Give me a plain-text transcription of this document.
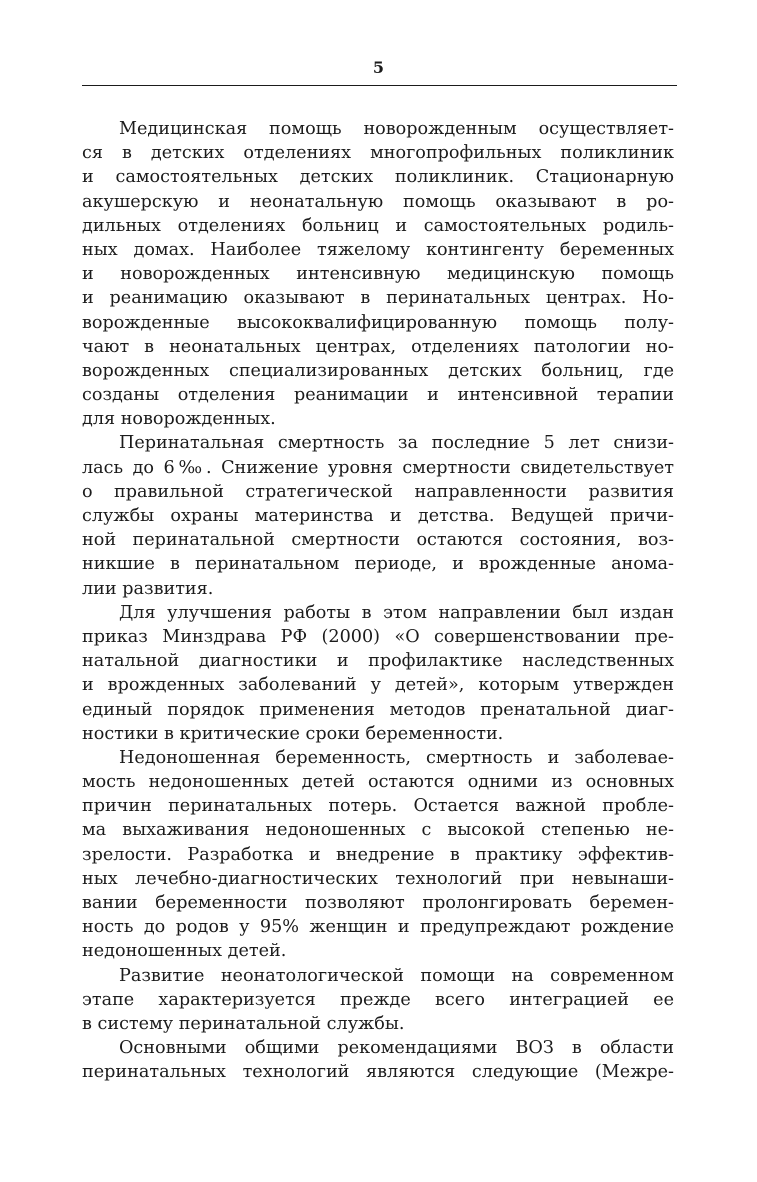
5
Медицинская помощь новорожденным осуществляет-
ся в детских отделениях многопрофильных поликлиник
и самостоятельных детских поликлиник. Стационарную
акушерскую и неонатальную помощь оказывают в ро-
дильных отделениях больниц и самостоятельных родиль-
ных домах. Наиболее тяжелому контингенту беременных
и новорожденных интенсивную медицинскую помощь
и реанимацию оказывают в перинатальных центрах. Но-
ворожденные высококвалифицированную помощь полу-
чают в неонатальных центрах, отделениях патологии но-
ворожденных специализированных детских больниц, где
созданы отделения реанимации и интенсивной терапии
для новорожденных.
Перинатальная смертность за последние 5 лет снизи-
лась до 6‰. Снижение уровня смертности свидетельствует
о правильной стратегической направленности развития
службы охраны материнства и детства. Ведущей причи-
ной перинатальной смертности остаются состояния, воз-
никшие в перинатальном периоде, и врожденные анома-
лии развития.
Для улучшения работы в этом направлении был издан
приказ Минздрава РФ (2000) «О совершенствовании пре-
натальной диагностики и профилактике наследственных
и врожденных заболеваний у детей», которым утвержден
единый порядок применения методов пренатальной диаг-
ностики в критические сроки беременности.
Недоношенная беременность, смертность и заболевае-
мость недоношенных детей остаются одними из основных
причин перинатальных потерь. Остается важной пробле-
ма выхаживания недоношенных с высокой степенью не-
зрелости. Разработка и внедрение в практику эффектив-
ных лечебно-диагностических технологий при невынаши-
вании беременности позволяют пролонгировать беремен-
ность до родов у 95% женщин и предупреждают рождение
недоношенных детей.
Развитие неонатологической помощи на современном
этапе характеризуется прежде всего интеграцией ее
в систему перинатальной службы.
Основными общими рекомендациями ВОЗ в области
перинатальных технологий являются следующие (Межре-
